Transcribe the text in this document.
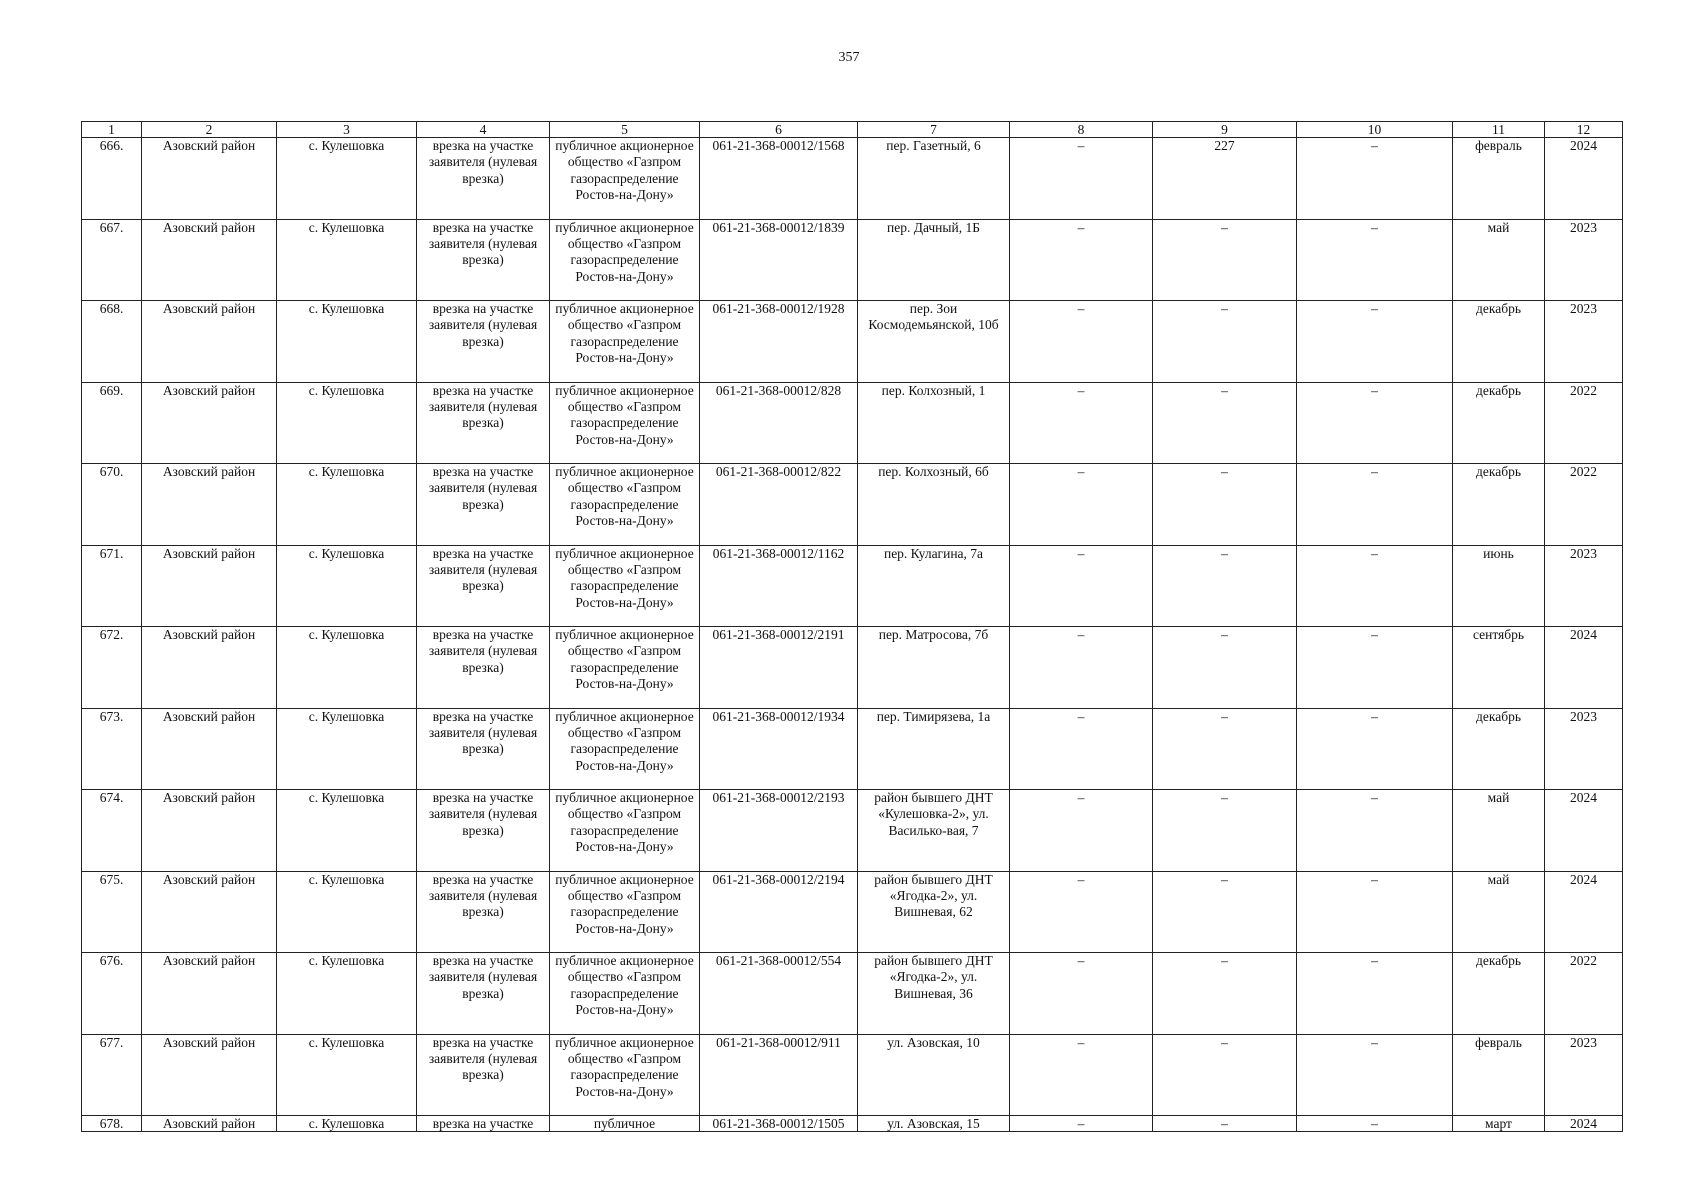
357
1	2	3	4	5	6	7	8	9	10	11	12
666.	Азовский район	с. Кулешовка	врезка на участке заявителя (нулевая врезка)	публичное акционерное общество «Газпром газораспределение Ростов-на-Дону»	061-21-368-00012/1568	пер. Газетный, 6	–	227	–	февраль	2024
667.	Азовский район	с. Кулешовка	врезка на участке заявителя (нулевая врезка)	публичное акционерное общество «Газпром газораспределение Ростов-на-Дону»	061-21-368-00012/1839	пер. Дачный, 1Б	–	–	–	май	2023
668.	Азовский район	с. Кулешовка	врезка на участке заявителя (нулевая врезка)	публичное акционерное общество «Газпром газораспределение Ростов-на-Дону»	061-21-368-00012/1928	пер. Зои Космодемьянской, 10б	–	–	–	декабрь	2023
669.	Азовский район	с. Кулешовка	врезка на участке заявителя (нулевая врезка)	публичное акционерное общество «Газпром газораспределение Ростов-на-Дону»	061-21-368-00012/828	пер. Колхозный, 1	–	–	–	декабрь	2022
670.	Азовский район	с. Кулешовка	врезка на участке заявителя (нулевая врезка)	публичное акционерное общество «Газпром газораспределение Ростов-на-Дону»	061-21-368-00012/822	пер. Колхозный, 6б	–	–	–	декабрь	2022
671.	Азовский район	с. Кулешовка	врезка на участке заявителя (нулевая врезка)	публичное акционерное общество «Газпром газораспределение Ростов-на-Дону»	061-21-368-00012/1162	пер. Кулагина, 7а	–	–	–	июнь	2023
672.	Азовский район	с. Кулешовка	врезка на участке заявителя (нулевая врезка)	публичное акционерное общество «Газпром газораспределение Ростов-на-Дону»	061-21-368-00012/2191	пер. Матросова, 7б	–	–	–	сентябрь	2024
673.	Азовский район	с. Кулешовка	врезка на участке заявителя (нулевая врезка)	публичное акционерное общество «Газпром газораспределение Ростов-на-Дону»	061-21-368-00012/1934	пер. Тимирязева, 1а	–	–	–	декабрь	2023
674.	Азовский район	с. Кулешовка	врезка на участке заявителя (нулевая врезка)	публичное акционерное общество «Газпром газораспределение Ростов-на-Дону»	061-21-368-00012/2193	район бывшего ДНТ «Кулешовка-2», ул. Василько-вая, 7	–	–	–	май	2024
675.	Азовский район	с. Кулешовка	врезка на участке заявителя (нулевая врезка)	публичное акционерное общество «Газпром газораспределение Ростов-на-Дону»	061-21-368-00012/2194	район бывшего ДНТ «Ягодка-2», ул. Вишневая, 62	–	–	–	май	2024
676.	Азовский район	с. Кулешовка	врезка на участке заявителя (нулевая врезка)	публичное акционерное общество «Газпром газораспределение Ростов-на-Дону»	061-21-368-00012/554	район бывшего ДНТ «Ягодка-2», ул. Вишневая, 36	–	–	–	декабрь	2022
677.	Азовский район	с. Кулешовка	врезка на участке заявителя (нулевая врезка)	публичное акционерное общество «Газпром газораспределение Ростов-на-Дону»	061-21-368-00012/911	ул. Азовская, 10	–	–	–	февраль	2023
678.	Азовский район	с. Кулешовка	врезка на участке	публичное	061-21-368-00012/1505	ул. Азовская, 15	–	–	–	март	2024
